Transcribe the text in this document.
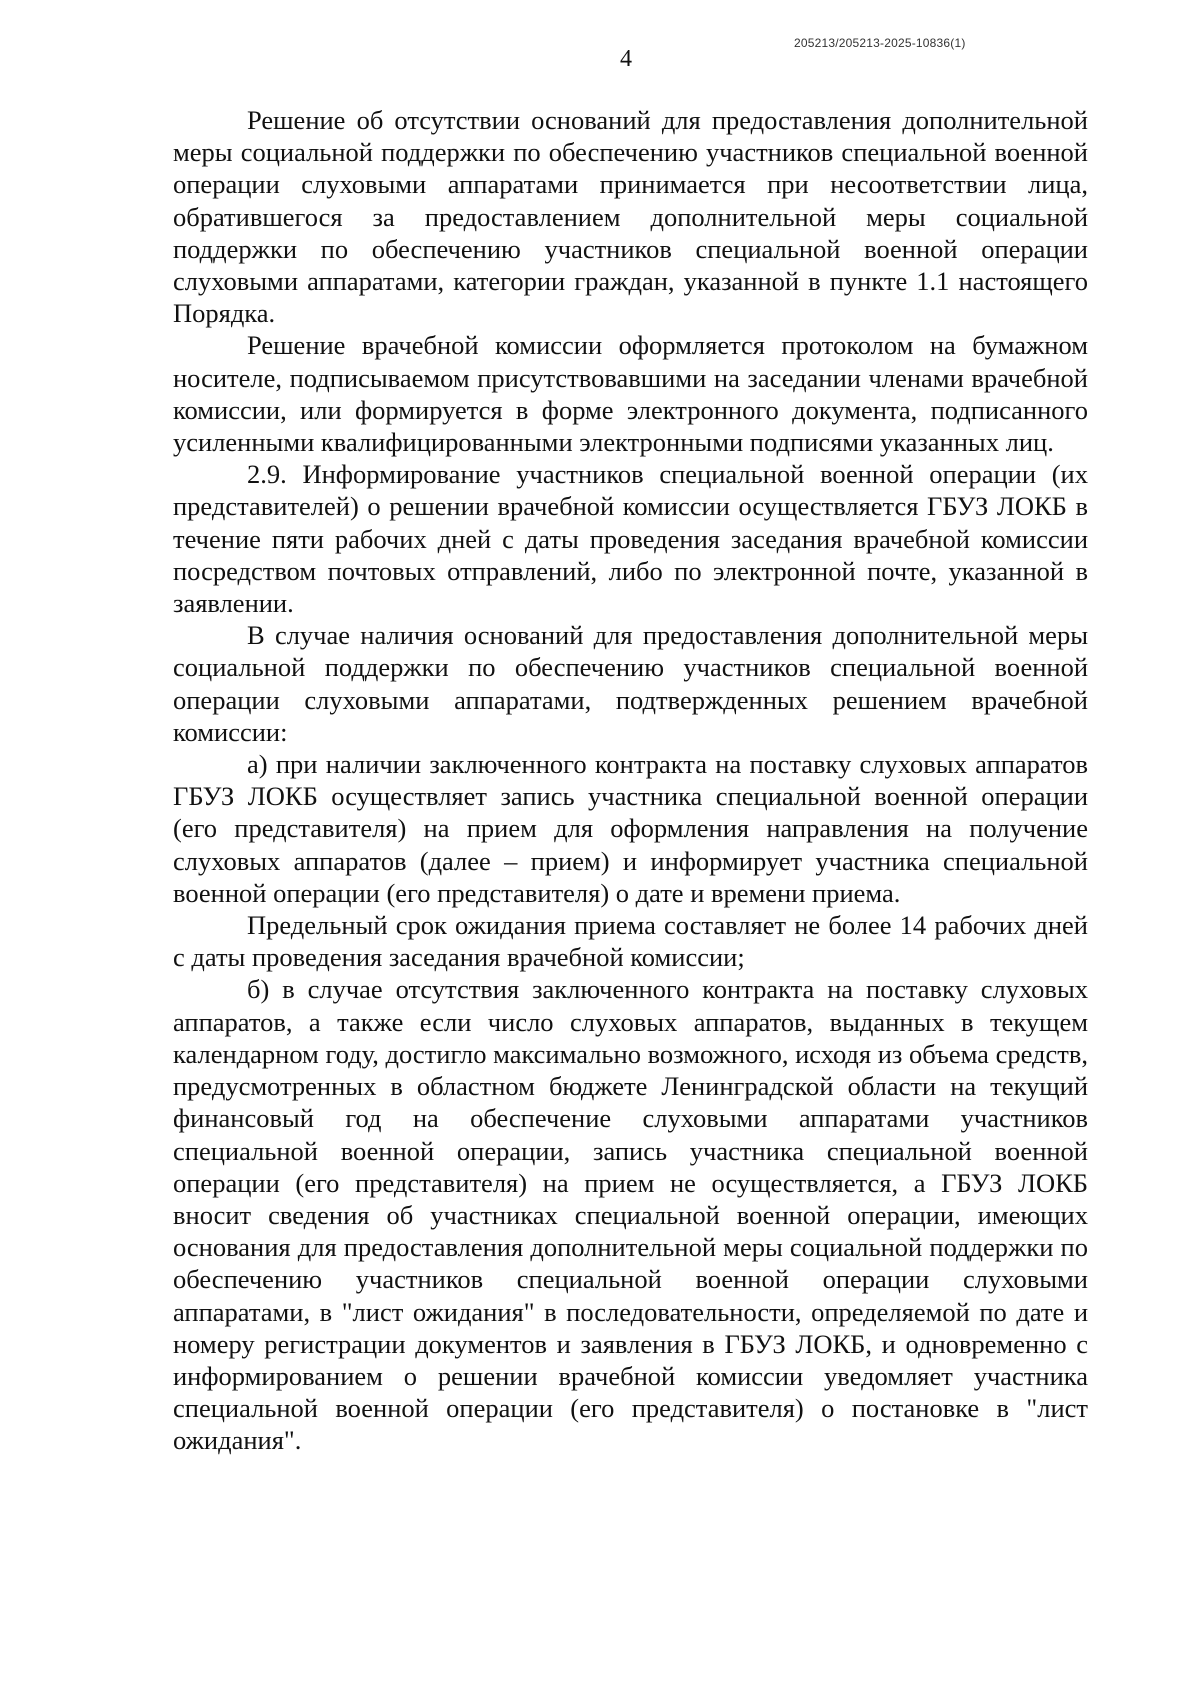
205213/205213-2025-10836(1)
4

Решение об отсутствии оснований для предоставления дополнительной меры социальной поддержки по обеспечению участников специальной военной операции слуховыми аппаратами принимается при несоответствии лица, обратившегося за предоставлением дополнительной меры социальной поддержки по обеспечению участников специальной военной операции слуховыми аппаратами, категории граждан, указанной в пункте 1.1 настоящего Порядка.

Решение врачебной комиссии оформляется протоколом на бумажном носителе, подписываемом присутствовавшими на заседании членами врачебной комиссии, или формируется в форме электронного документа, подписанного усиленными квалифицированными электронными подписями указанных лиц.

2.9. Информирование участников специальной военной операции (их представителей) о решении врачебной комиссии осуществляется ГБУЗ ЛОКБ в течение пяти рабочих дней с даты проведения заседания врачебной комиссии посредством почтовых отправлений, либо по электронной почте, указанной в заявлении.

В случае наличия оснований для предоставления дополнительной меры социальной поддержки по обеспечению участников специальной военной операции слуховыми аппаратами, подтвержденных решением врачебной комиссии:

а) при наличии заключенного контракта на поставку слуховых аппаратов ГБУЗ ЛОКБ осуществляет запись участника специальной военной операции (его представителя) на прием для оформления направления на получение слуховых аппаратов (далее – прием) и информирует участника специальной военной операции (его представителя) о дате и времени приема.

Предельный срок ожидания приема составляет не более 14 рабочих дней с даты проведения заседания врачебной комиссии;

б) в случае отсутствия заключенного контракта на поставку слуховых аппаратов, а также если число слуховых аппаратов, выданных в текущем календарном году, достигло максимально возможного, исходя из объема средств, предусмотренных в областном бюджете Ленинградской области на текущий финансовый год на обеспечение слуховыми аппаратами участников специальной военной операции, запись участника специальной военной операции (его представителя) на прием не осуществляется, а ГБУЗ ЛОКБ вносит сведения об участниках специальной военной операции, имеющих основания для предоставления дополнительной меры социальной поддержки по обеспечению участников специальной военной операции слуховыми аппаратами, в "лист ожидания" в последовательности, определяемой по дате и номеру регистрации документов и заявления в ГБУЗ ЛОКБ, и одновременно с информированием о решении врачебной комиссии уведомляет участника специальной военной операции (его представителя) о постановке в "лист ожидания".
